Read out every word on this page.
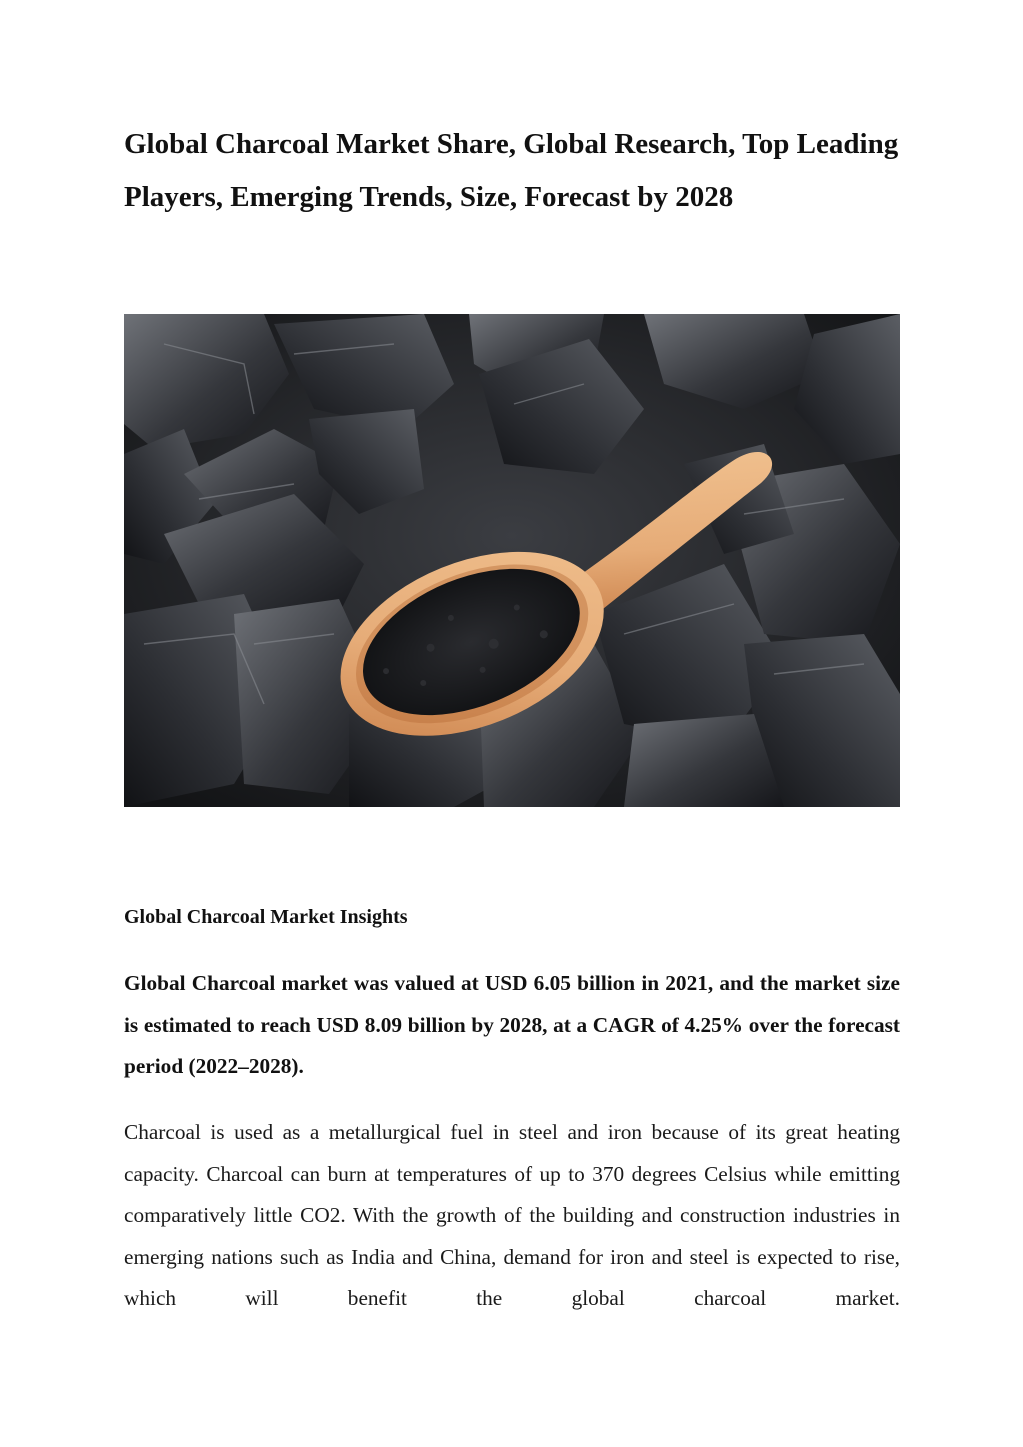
Global Charcoal Market Share, Global Research, Top Leading Players, Emerging Trends, Size, Forecast by 2028
Global Charcoal Market Insights

Global Charcoal market was valued at USD 6.05 billion in 2021, and the market size is estimated to reach USD 8.09 billion by 2028, at a CAGR of 4.25% over the forecast period (2022–2028).

Charcoal is used as a metallurgical fuel in steel and iron because of its great heating capacity. Charcoal can burn at temperatures of up to 370 degrees Celsius while emitting comparatively little CO2. With the growth of the building and construction industries in emerging nations such as India and China, demand for iron and steel is expected to rise, which will benefit the global charcoal market.
